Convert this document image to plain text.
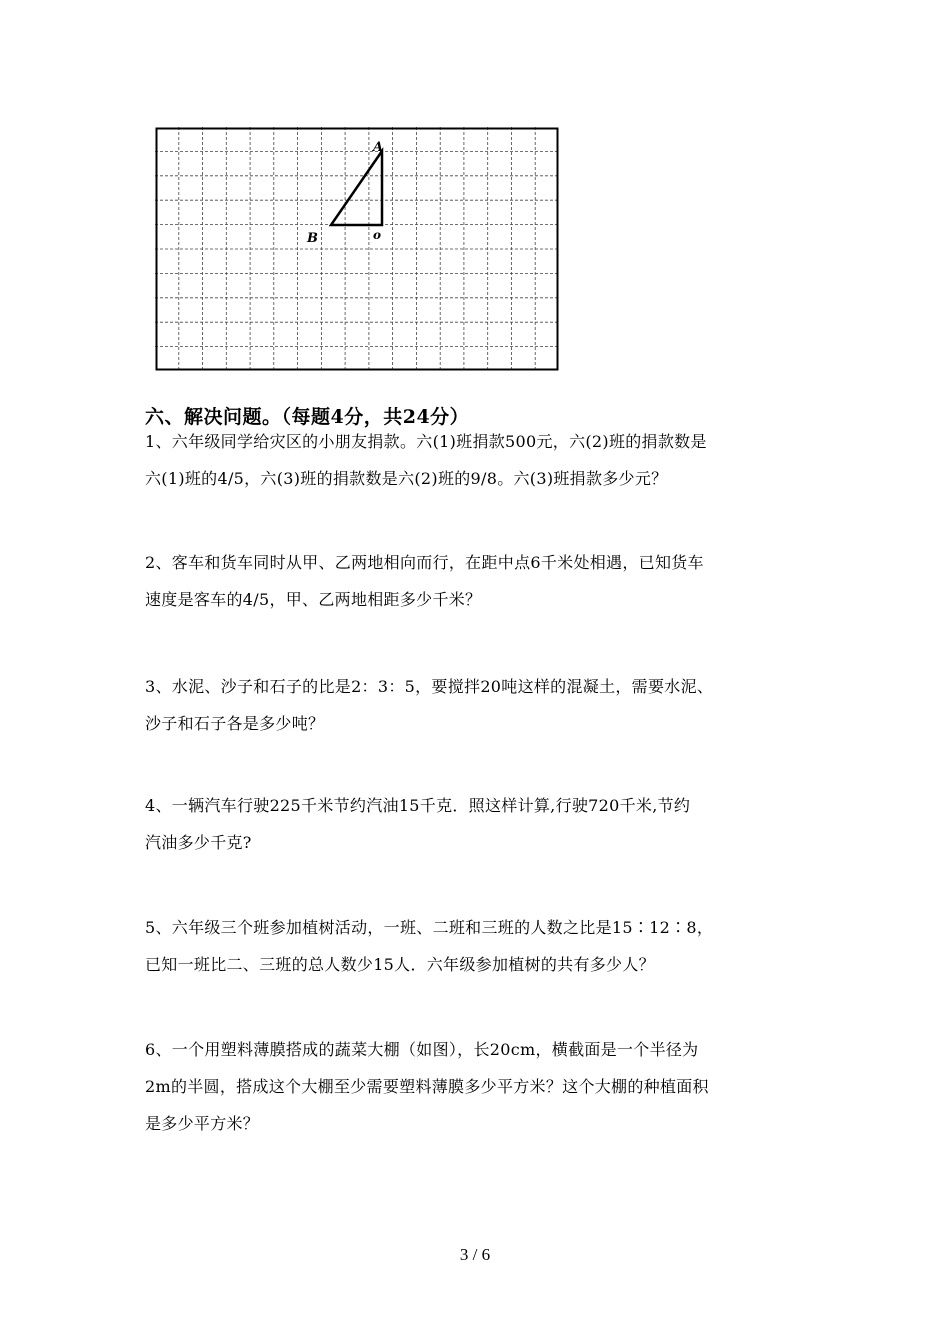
A
B	o
六、解决问题。（每题4分，共24分）

1、六年级同学给灾区的小朋友捐款。六(1)班捐款500元，六(2)班的捐款数是

六(1)班的4/5，六(3)班的捐款数是六(2)班的9/8。六(3)班捐款多少元？

2、客车和货车同时从甲、乙两地相向而行，在距中点6千米处相遇，已知货车

速度是客车的4/5，甲、乙两地相距多少千米？

3、水泥、沙子和石子的比是2：3：5，要搅拌20吨这样的混凝土，需要水泥、

沙子和石子各是多少吨？

4、一辆汽车行驶225千米节约汽油15千克．照这样计算,行驶720千米,节约

汽油多少千克?

5、六年级三个班参加植树活动，一班、二班和三班的人数之比是15∶12∶8，

已知一班比二、三班的总人数少15人．六年级参加植树的共有多少人？

6、一个用塑料薄膜搭成的蔬菜大棚（如图），长20cm，横截面是一个半径为

2m的半圆，搭成这个大棚至少需要塑料薄膜多少平方米？这个大棚的种植面积

是多少平方米？

3 / 6
